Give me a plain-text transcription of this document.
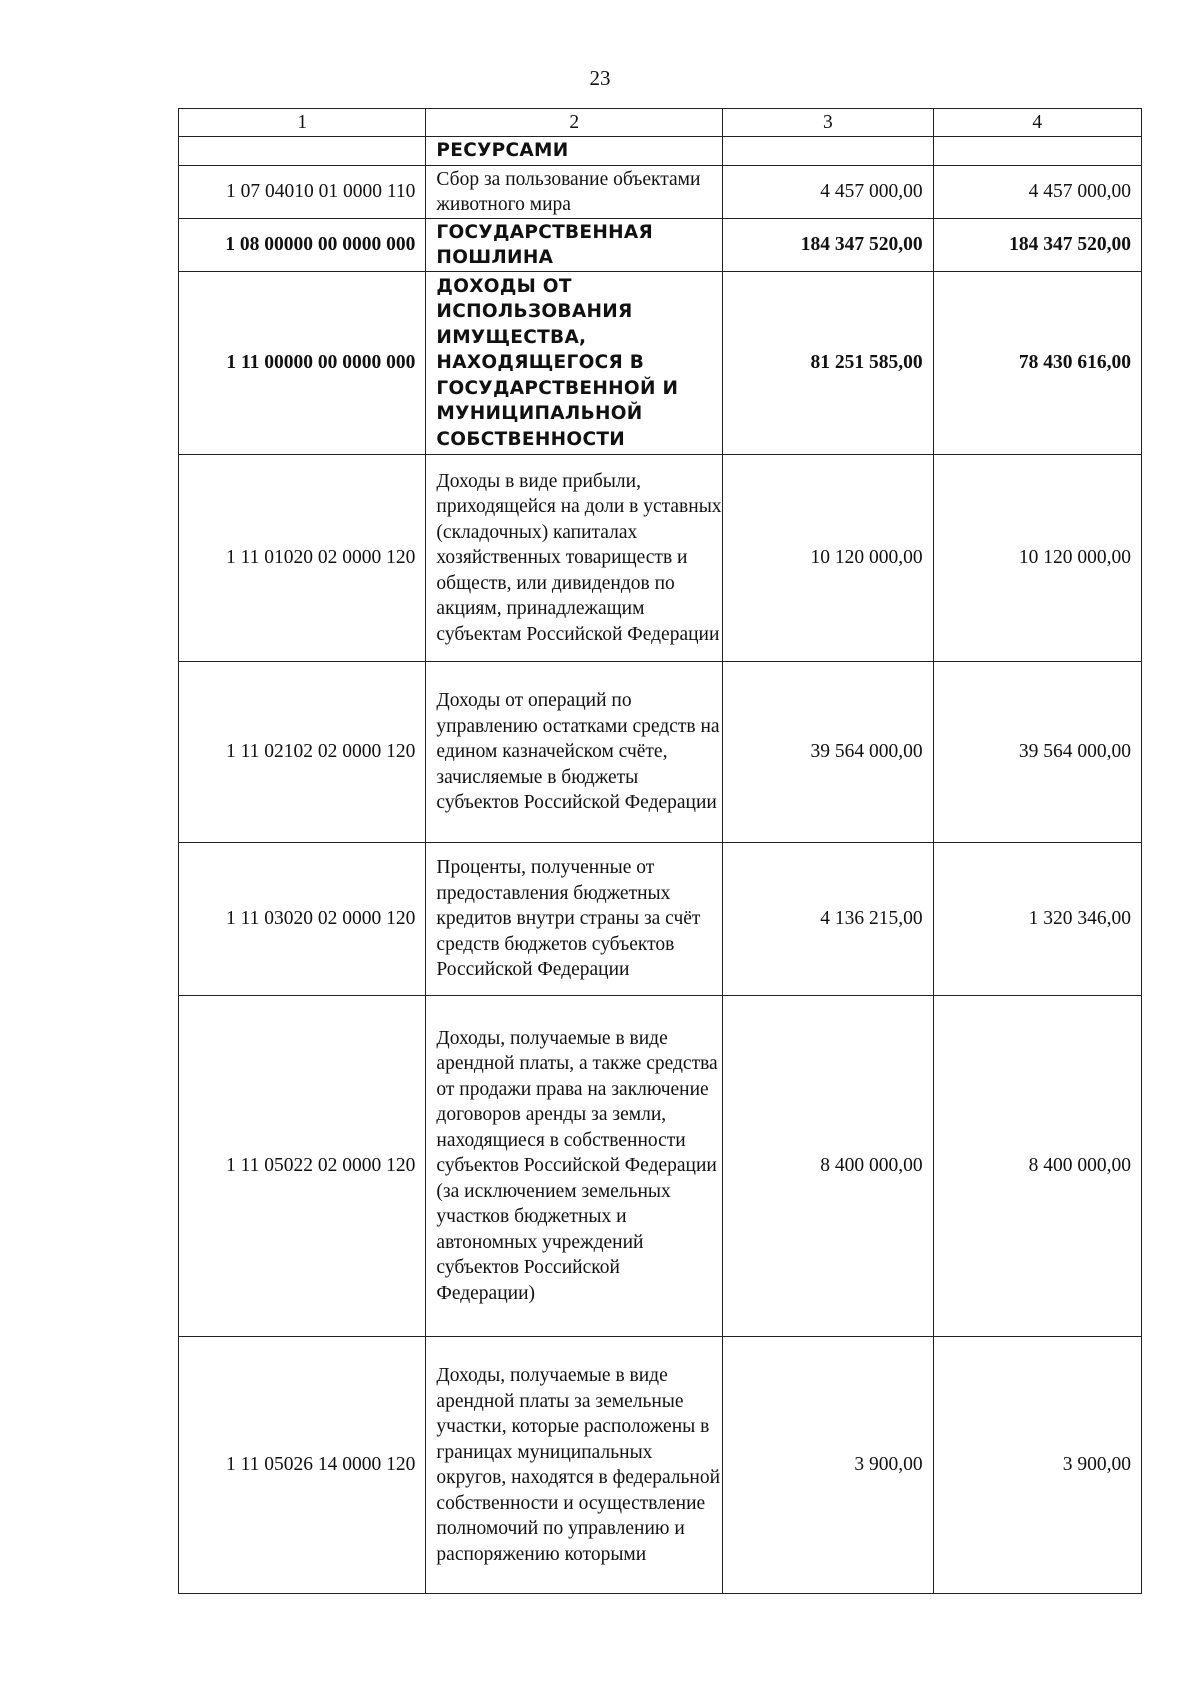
23
1	2	3	4
	РЕСУРСАМИ		
1 07 04010 01 0000 110	Сбор за пользование объектами животного мира	4 457 000,00	4 457 000,00
1 08 00000 00 0000 000	ГОСУДАРСТВЕННАЯ ПОШЛИНА	184 347 520,00	184 347 520,00
1 11 00000 00 0000 000	ДОХОДЫ ОТ ИСПОЛЬЗОВАНИЯ ИМУЩЕСТВА, НАХОДЯЩЕГОСЯ В ГОСУДАРСТВЕННОЙ И МУНИЦИПАЛЬНОЙ СОБСТВЕННОСТИ	81 251 585,00	78 430 616,00
1 11 01020 02 0000 120	Доходы в виде прибыли, приходящейся на доли в уставных (складочных) капиталах хозяйственных товариществ и обществ, или дивидендов по акциям, принадлежащим субъектам Российской Федерации	10 120 000,00	10 120 000,00
1 11 02102 02 0000 120	Доходы от операций по управлению остатками средств на едином казначейском счёте, зачисляемые в бюджеты субъектов Российской Федерации	39 564 000,00	39 564 000,00
1 11 03020 02 0000 120	Проценты, полученные от предоставления бюджетных кредитов внутри страны за счёт средств бюджетов субъектов Российской Федерации	4 136 215,00	1 320 346,00
1 11 05022 02 0000 120	Доходы, получаемые в виде арендной платы, а также средства от продажи права на заключение договоров аренды за земли, находящиеся в собственности субъектов Российской Федерации (за исключением земельных участков бюджетных и автономных учреждений субъектов Российской Федерации)	8 400 000,00	8 400 000,00
1 11 05026 14 0000 120	Доходы, получаемые в виде арендной платы за земельные участки, которые расположены в границах муниципальных округов, находятся в федеральной собственности и осуществление полномочий по управлению и распоряжению которыми	3 900,00	3 900,00
